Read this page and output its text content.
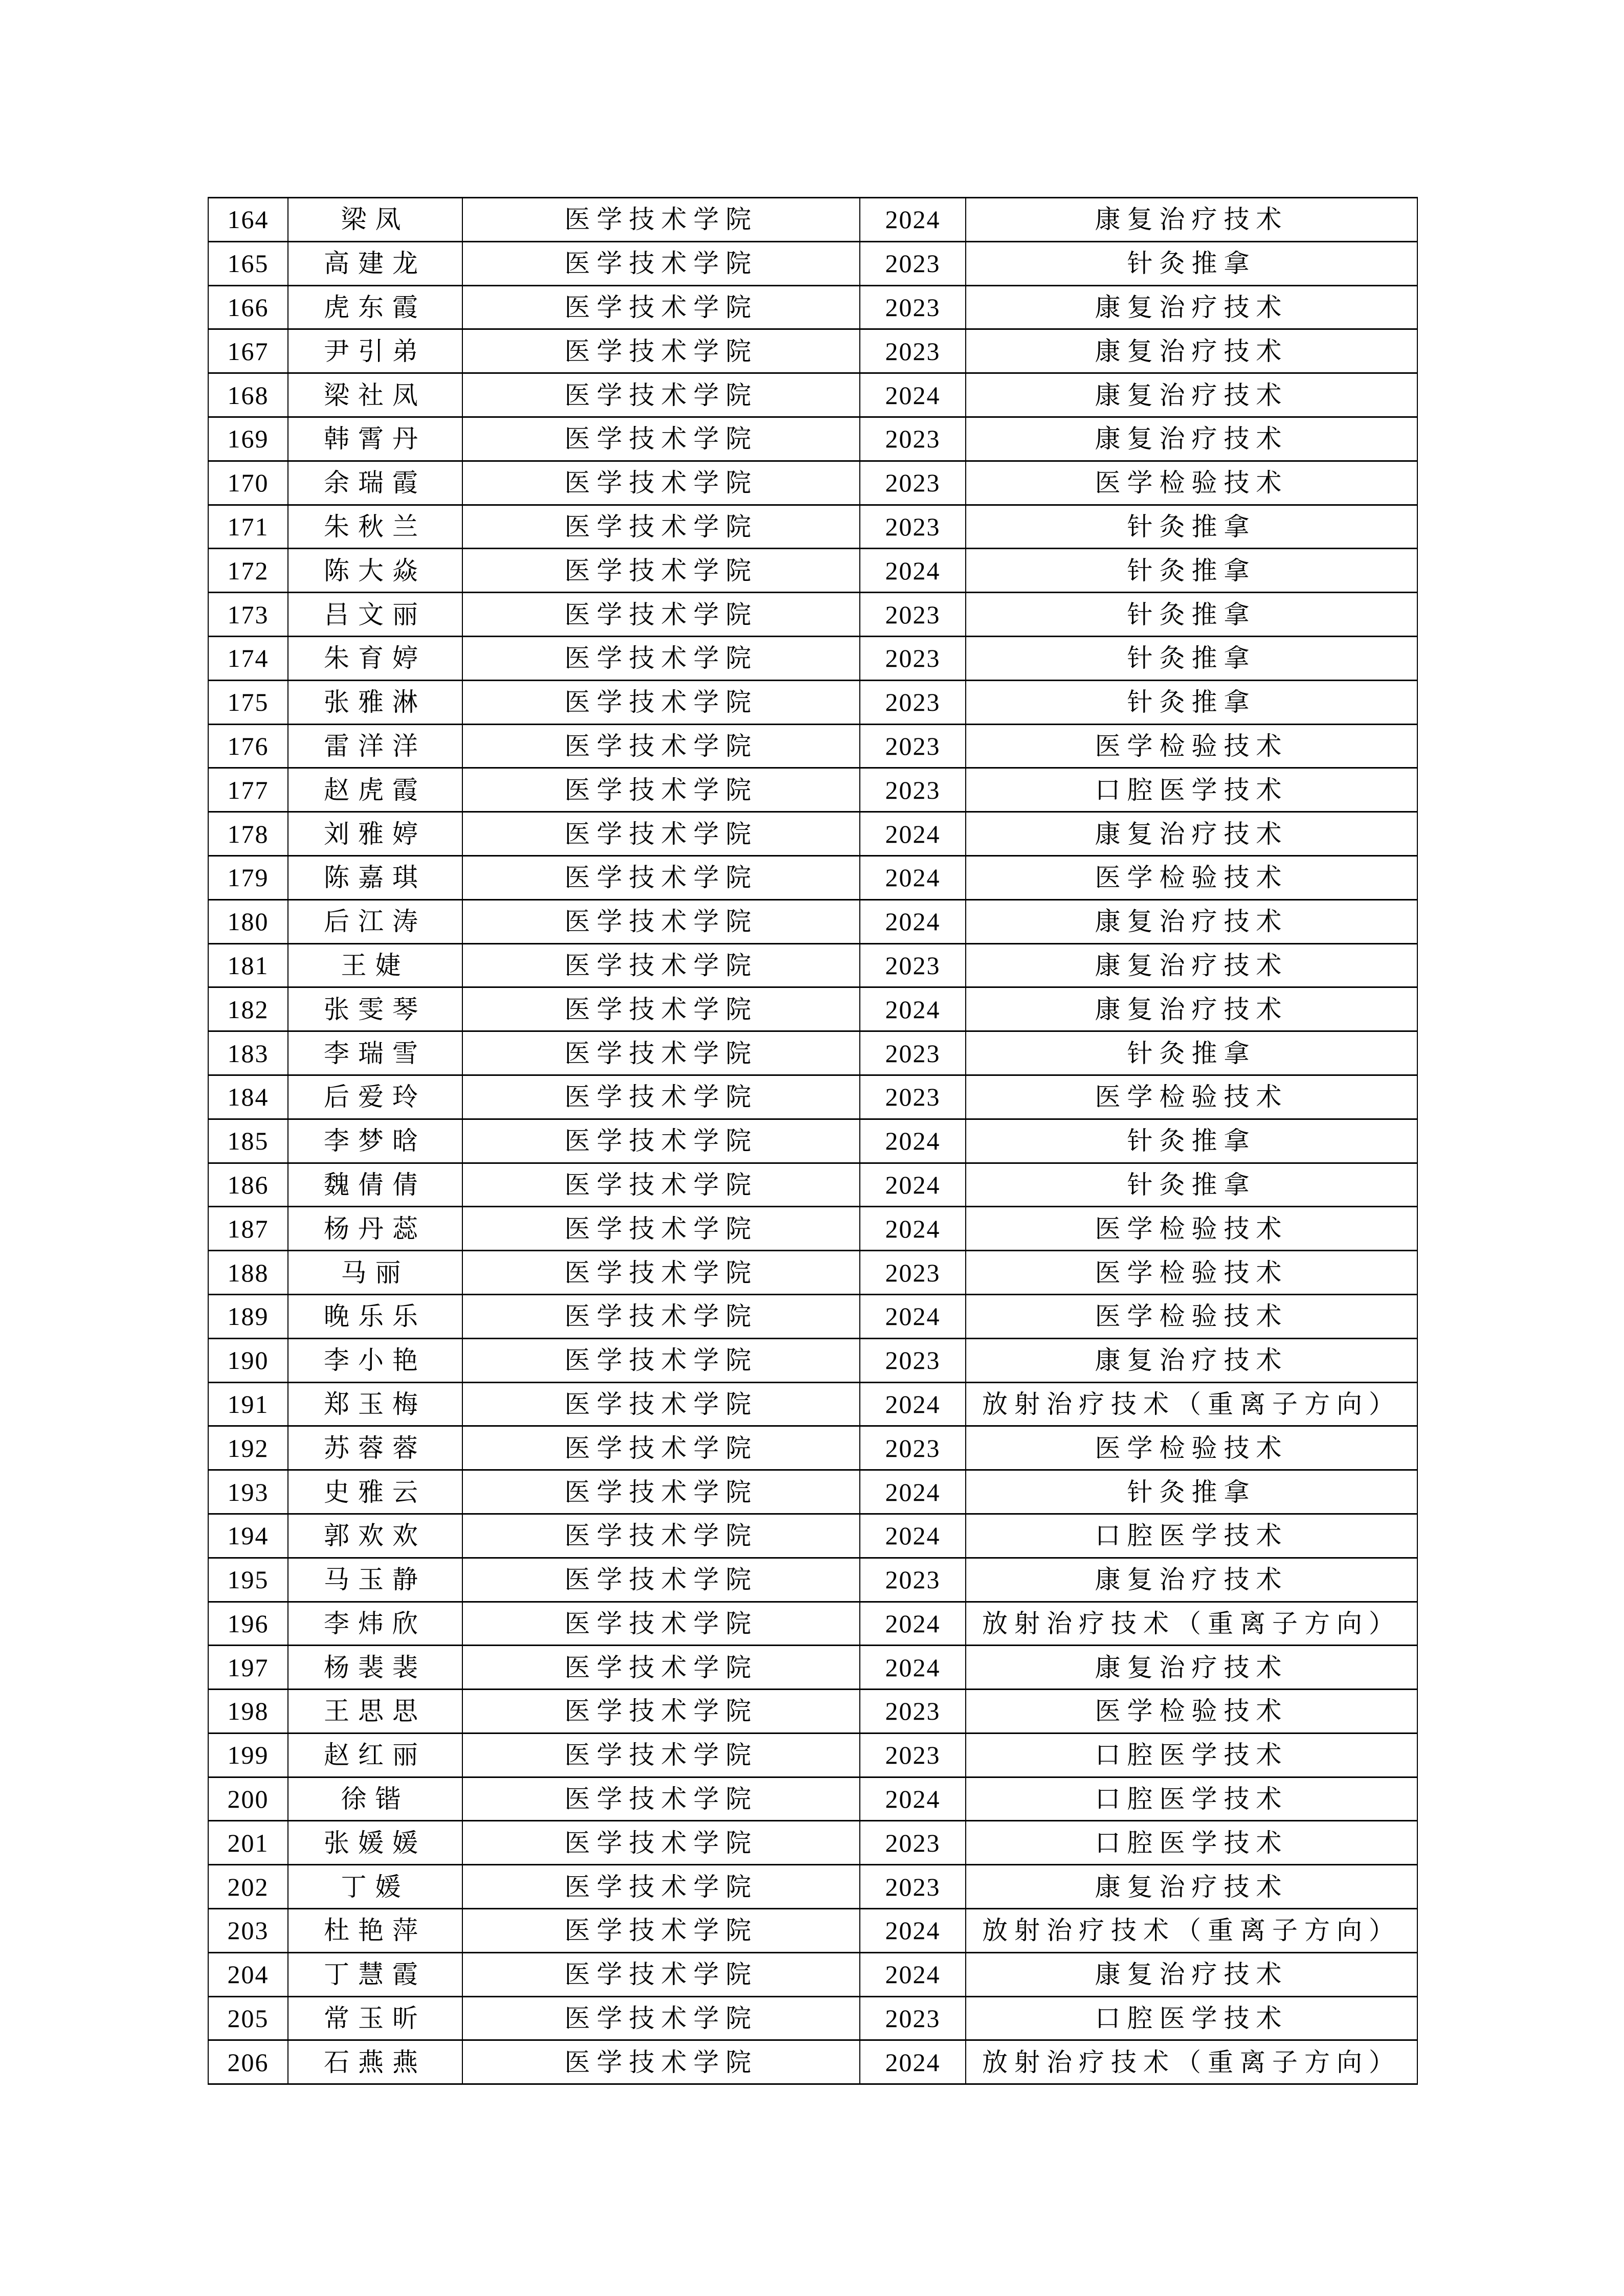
164	梁凤	医学技术学院	2024	康复治疗技术
165	高建龙	医学技术学院	2023	针灸推拿
166	虎东霞	医学技术学院	2023	康复治疗技术
167	尹引弟	医学技术学院	2023	康复治疗技术
168	梁社凤	医学技术学院	2024	康复治疗技术
169	韩霄丹	医学技术学院	2023	康复治疗技术
170	余瑞霞	医学技术学院	2023	医学检验技术
171	朱秋兰	医学技术学院	2023	针灸推拿
172	陈大焱	医学技术学院	2024	针灸推拿
173	吕文丽	医学技术学院	2023	针灸推拿
174	朱育婷	医学技术学院	2023	针灸推拿
175	张雅淋	医学技术学院	2023	针灸推拿
176	雷洋洋	医学技术学院	2023	医学检验技术
177	赵虎霞	医学技术学院	2023	口腔医学技术
178	刘雅婷	医学技术学院	2024	康复治疗技术
179	陈嘉琪	医学技术学院	2024	医学检验技术
180	后江涛	医学技术学院	2024	康复治疗技术
181	王婕	医学技术学院	2023	康复治疗技术
182	张雯琴	医学技术学院	2024	康复治疗技术
183	李瑞雪	医学技术学院	2023	针灸推拿
184	后爱玲	医学技术学院	2023	医学检验技术
185	李梦晗	医学技术学院	2024	针灸推拿
186	魏倩倩	医学技术学院	2024	针灸推拿
187	杨丹蕊	医学技术学院	2024	医学检验技术
188	马丽	医学技术学院	2023	医学检验技术
189	晚乐乐	医学技术学院	2024	医学检验技术
190	李小艳	医学技术学院	2023	康复治疗技术
191	郑玉梅	医学技术学院	2024	放射治疗技术（重离子方向）
192	苏蓉蓉	医学技术学院	2023	医学检验技术
193	史雅云	医学技术学院	2024	针灸推拿
194	郭欢欢	医学技术学院	2024	口腔医学技术
195	马玉静	医学技术学院	2023	康复治疗技术
196	李炜欣	医学技术学院	2024	放射治疗技术（重离子方向）
197	杨裴裴	医学技术学院	2024	康复治疗技术
198	王思思	医学技术学院	2023	医学检验技术
199	赵红丽	医学技术学院	2023	口腔医学技术
200	徐锴	医学技术学院	2024	口腔医学技术
201	张媛媛	医学技术学院	2023	口腔医学技术
202	丁媛	医学技术学院	2023	康复治疗技术
203	杜艳萍	医学技术学院	2024	放射治疗技术（重离子方向）
204	丁慧霞	医学技术学院	2024	康复治疗技术
205	常玉昕	医学技术学院	2023	口腔医学技术
206	石燕燕	医学技术学院	2024	放射治疗技术（重离子方向）
